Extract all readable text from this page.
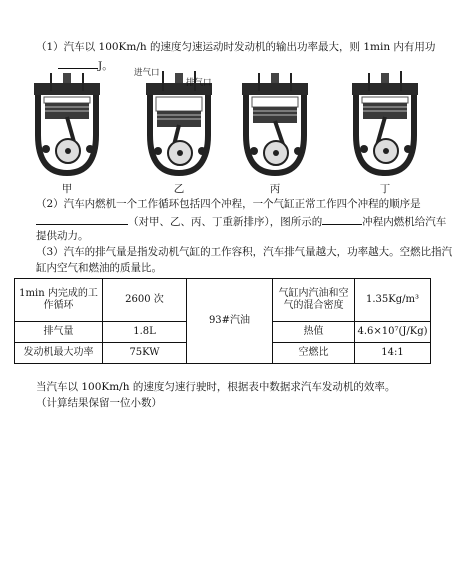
（1）汽车以 100Km/h 的速度匀速运动时发动机的输出功率最大，则 1min 内有用功
J。
甲
进气口
排气口
乙	丙	丁
（2）汽车内燃机一个工作循环包括四个冲程，一个气缸正常工作四个冲程的顺序是
（对甲、乙、丙、丁重新排序），图所示的	冲程内燃机给汽车
提供动力。
（3）汽车的排气量是指发动机气缸的工作容积，汽车排气量越大，功率越大。空燃比指汽
缸内空气和燃油的质量比。
1min 内完成的工作循环	2600 次	93#汽油	气缸内汽油和空气的混合密度	1.35Kg/m³
排气量	1.8L		热值	4.6×10⁷(J/Kg)
发动机最大功率	75KW		空燃比	14:1
当汽车以 100Km/h 的速度匀速行驶时，根据表中数据求汽车发动机的效率。
（计算结果保留一位小数）
